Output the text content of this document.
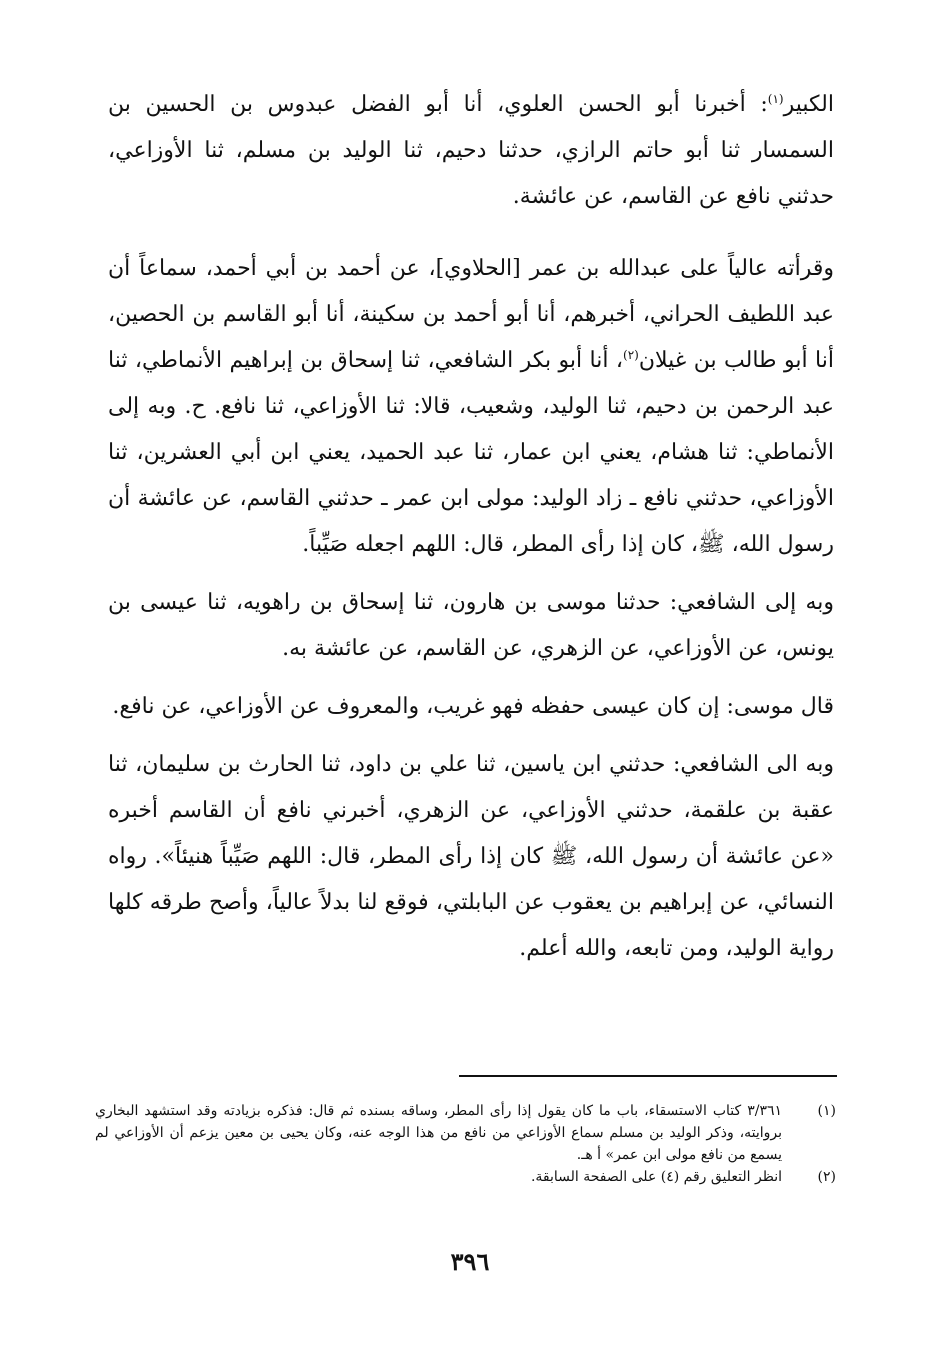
الكبير$^{(١)}$: أخبرنا أبو الحسن العلوي، أنا أبو الفضل عبدوس بن الحسين بن السمسار ثنا أبو حاتم الرازي، حدثنا دحيم، ثنا الوليد بن مسلم، ثنا الأوزاعي، حدثني نافع عن القاسم، عن عائشة.

وقرأته عالياً على عبدالله بن عمر [الحلاوي]، عن أحمد بن أبي أحمد، سماعاً أن عبد اللطيف الحراني، أخبرهم، أنا أبو أحمد بن سكينة، أنا أبو القاسم بن الحصين، أنا أبو طالب بن غيلان$^{(٢)}$، أنا أبو بكر الشافعي، ثنا إسحاق بن إبراهيم الأنماطي، ثنا عبد الرحمن بن دحيم، ثنا الوليد، وشعيب، قالا: ثنا الأوزاعي، ثنا نافع. ح. وبه إلى الأنماطي: ثنا هشام، يعني ابن عمار، ثنا عبد الحميد، يعني ابن أبي العشرين، ثنا الأوزاعي، حدثني نافع ـ زاد الوليد: مولى ابن عمر ـ حدثني القاسم، عن عائشة أن رسول الله، ﷺ، كان إذا رأى المطر، قال: اللهم اجعله صَيِّباً.

وبه إلى الشافعي: حدثنا موسى بن هارون، ثنا إسحاق بن راهويه، ثنا عيسى بن يونس، عن الأوزاعي، عن الزهري، عن القاسم، عن عائشة به.

قال موسى: إن كان عيسى حفظه فهو غريب، والمعروف عن الأوزاعي، عن نافع.

وبه الى الشافعي: حدثني ابن ياسين، ثنا علي بن داود، ثنا الحارث بن سليمان، ثنا عقبة بن علقمة، حدثني الأوزاعي، عن الزهري، أخبرني نافع أن القاسم أخبره «عن عائشة أن رسول الله، ﷺ كان إذا رأى المطر، قال: اللهم صَيِّباً هنيئاً». رواه النسائي، عن إبراهيم بن يعقوب عن البابلتي، فوقع لنا بدلاً عالياً، وأصح طرقه كلها رواية الوليد، ومن تابعه، والله أعلم.

(١)
٣/٣٦١ كتاب الاستسقاء، باب ما كان يقول إذا رأى المطر، وساقه بسنده ثم قال: فذكره بزيادته وقد استشهد البخاري بروايته، وذكر الوليد بن مسلم سماع الأوزاعي من نافع من هذا الوجه عنه، وكان يحيى بن معين يزعم أن الأوزاعي لم يسمع من نافع مولى ابن عمر» أ هـ.
(٢)
انظر التعليق رقم (٤) على الصفحة السابقة.
٣٩٦
